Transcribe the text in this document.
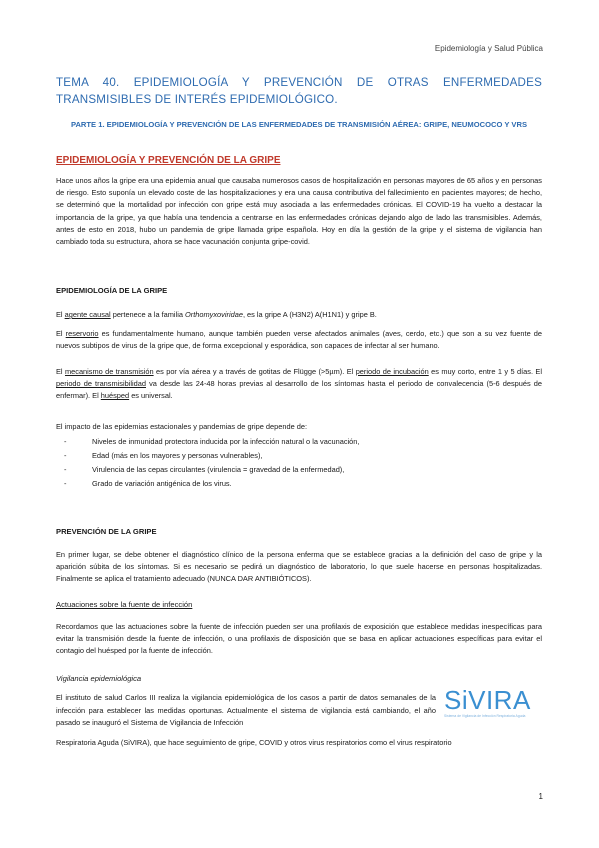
Epidemiología y Salud Pública
TEMA 40. EPIDEMIOLOGÍA Y PREVENCIÓN DE OTRAS ENFERMEDADES TRANSMISIBLES DE INTERÉS EPIDEMIOLÓGICO.
PARTE 1. EPIDEMIOLOGÍA Y PREVENCIÓN DE LAS ENFERMEDADES DE TRANSMISIÓN AÉREA: GRIPE, NEUMOCOCO Y VRS
EPIDEMIOLOGÍA Y PREVENCIÓN DE LA GRIPE

Hace unos años la gripe era una epidemia anual que causaba numerosos casos de hospitalización en personas mayores de 65 años y en personas de riesgo. Esto suponía un elevado coste de las hospitalizaciones y era una causa contributiva del fallecimiento en pacientes mayores; de hecho, se determinó que la mortalidad por infección con gripe está muy asociada a las enfermedades crónicas. El COVID-19 ha vuelto a destacar la importancia de la gripe, ya que había una tendencia a centrarse en las enfermedades crónicas dejando algo de lado las transmisibles. Además, antes de esto en 2018, hubo un pandemia de gripe llamada gripe española. Hoy en día la gestión de la gripe y el sistema de vigilancia han cambiado toda su estructura, ahora se hace vacunación conjunta gripe-covid.

EPIDEMIOLOGÍA DE LA GRIPE

El agente causal pertenece a la familia Orthomyxoviridae, es la gripe A (H3N2) A(H1N1) y gripe B.

El reservorio es fundamentalmente humano, aunque también pueden verse afectados animales (aves, cerdo, etc.) que son a su vez fuente de nuevos subtipos de virus de la gripe que, de forma excepcional y esporádica, son capaces de infectar al ser humano.

El mecanismo de transmisión es por vía aérea y a través de gotitas de Flügge (>5µm). El periodo de incubación es muy corto, entre 1 y 5 días. El periodo de transmisibilidad va desde las 24-48 horas previas al desarrollo de los síntomas hasta el periodo de convalecencia (5-6 después de enfermar). El huésped es universal.

El impacto de las epidemias estacionales y pandemias de gripe depende de:

- Niveles de inmunidad protectora inducida por la infección natural o la vacunación,
- Edad (más en los mayores y personas vulnerables),
- Virulencia de las cepas circulantes (virulencia = gravedad de la enfermedad),
- Grado de variación antigénica de los virus.
PREVENCIÓN DE LA GRIPE

En primer lugar, se debe obtener el diagnóstico clínico de la persona enferma que se establece gracias a la definición del caso de gripe y la aparición súbita de los síntomas. Si es necesario se pedirá un diagnóstico de laboratorio, lo que suele hacerse en personas hospitalizadas. Finalmente se aplica el tratamiento adecuado (NUNCA DAR ANTIBIÓTICOS).

Actuaciones sobre la fuente de infección

Recordamos que las actuaciones sobre la fuente de infección pueden ser una profilaxis de exposición que establece medidas inespecíficas para evitar la transmisión desde la fuente de infección, o una profilaxis de disposición que se basa en aplicar actuaciones específicas para evitar el contagio del huésped por la fuente de infección.

Vigilancia epidemiológica

El instituto de salud Carlos III realiza la vigilancia epidemiológica de los casos a partir de datos semanales de la infección para establecer las medidas oportunas. Actualmente el sistema de vigilancia está cambiando, el año pasado se inauguró el Sistema de Vigilancia de Infección

Respiratoria Aguda (SiVIRA), que hace seguimiento de gripe, COVID y otros virus respiratorios como el virus respiratorio

SiVIRA
Sistema de Vigilancia de Infección Respiratoria Aguda
1
